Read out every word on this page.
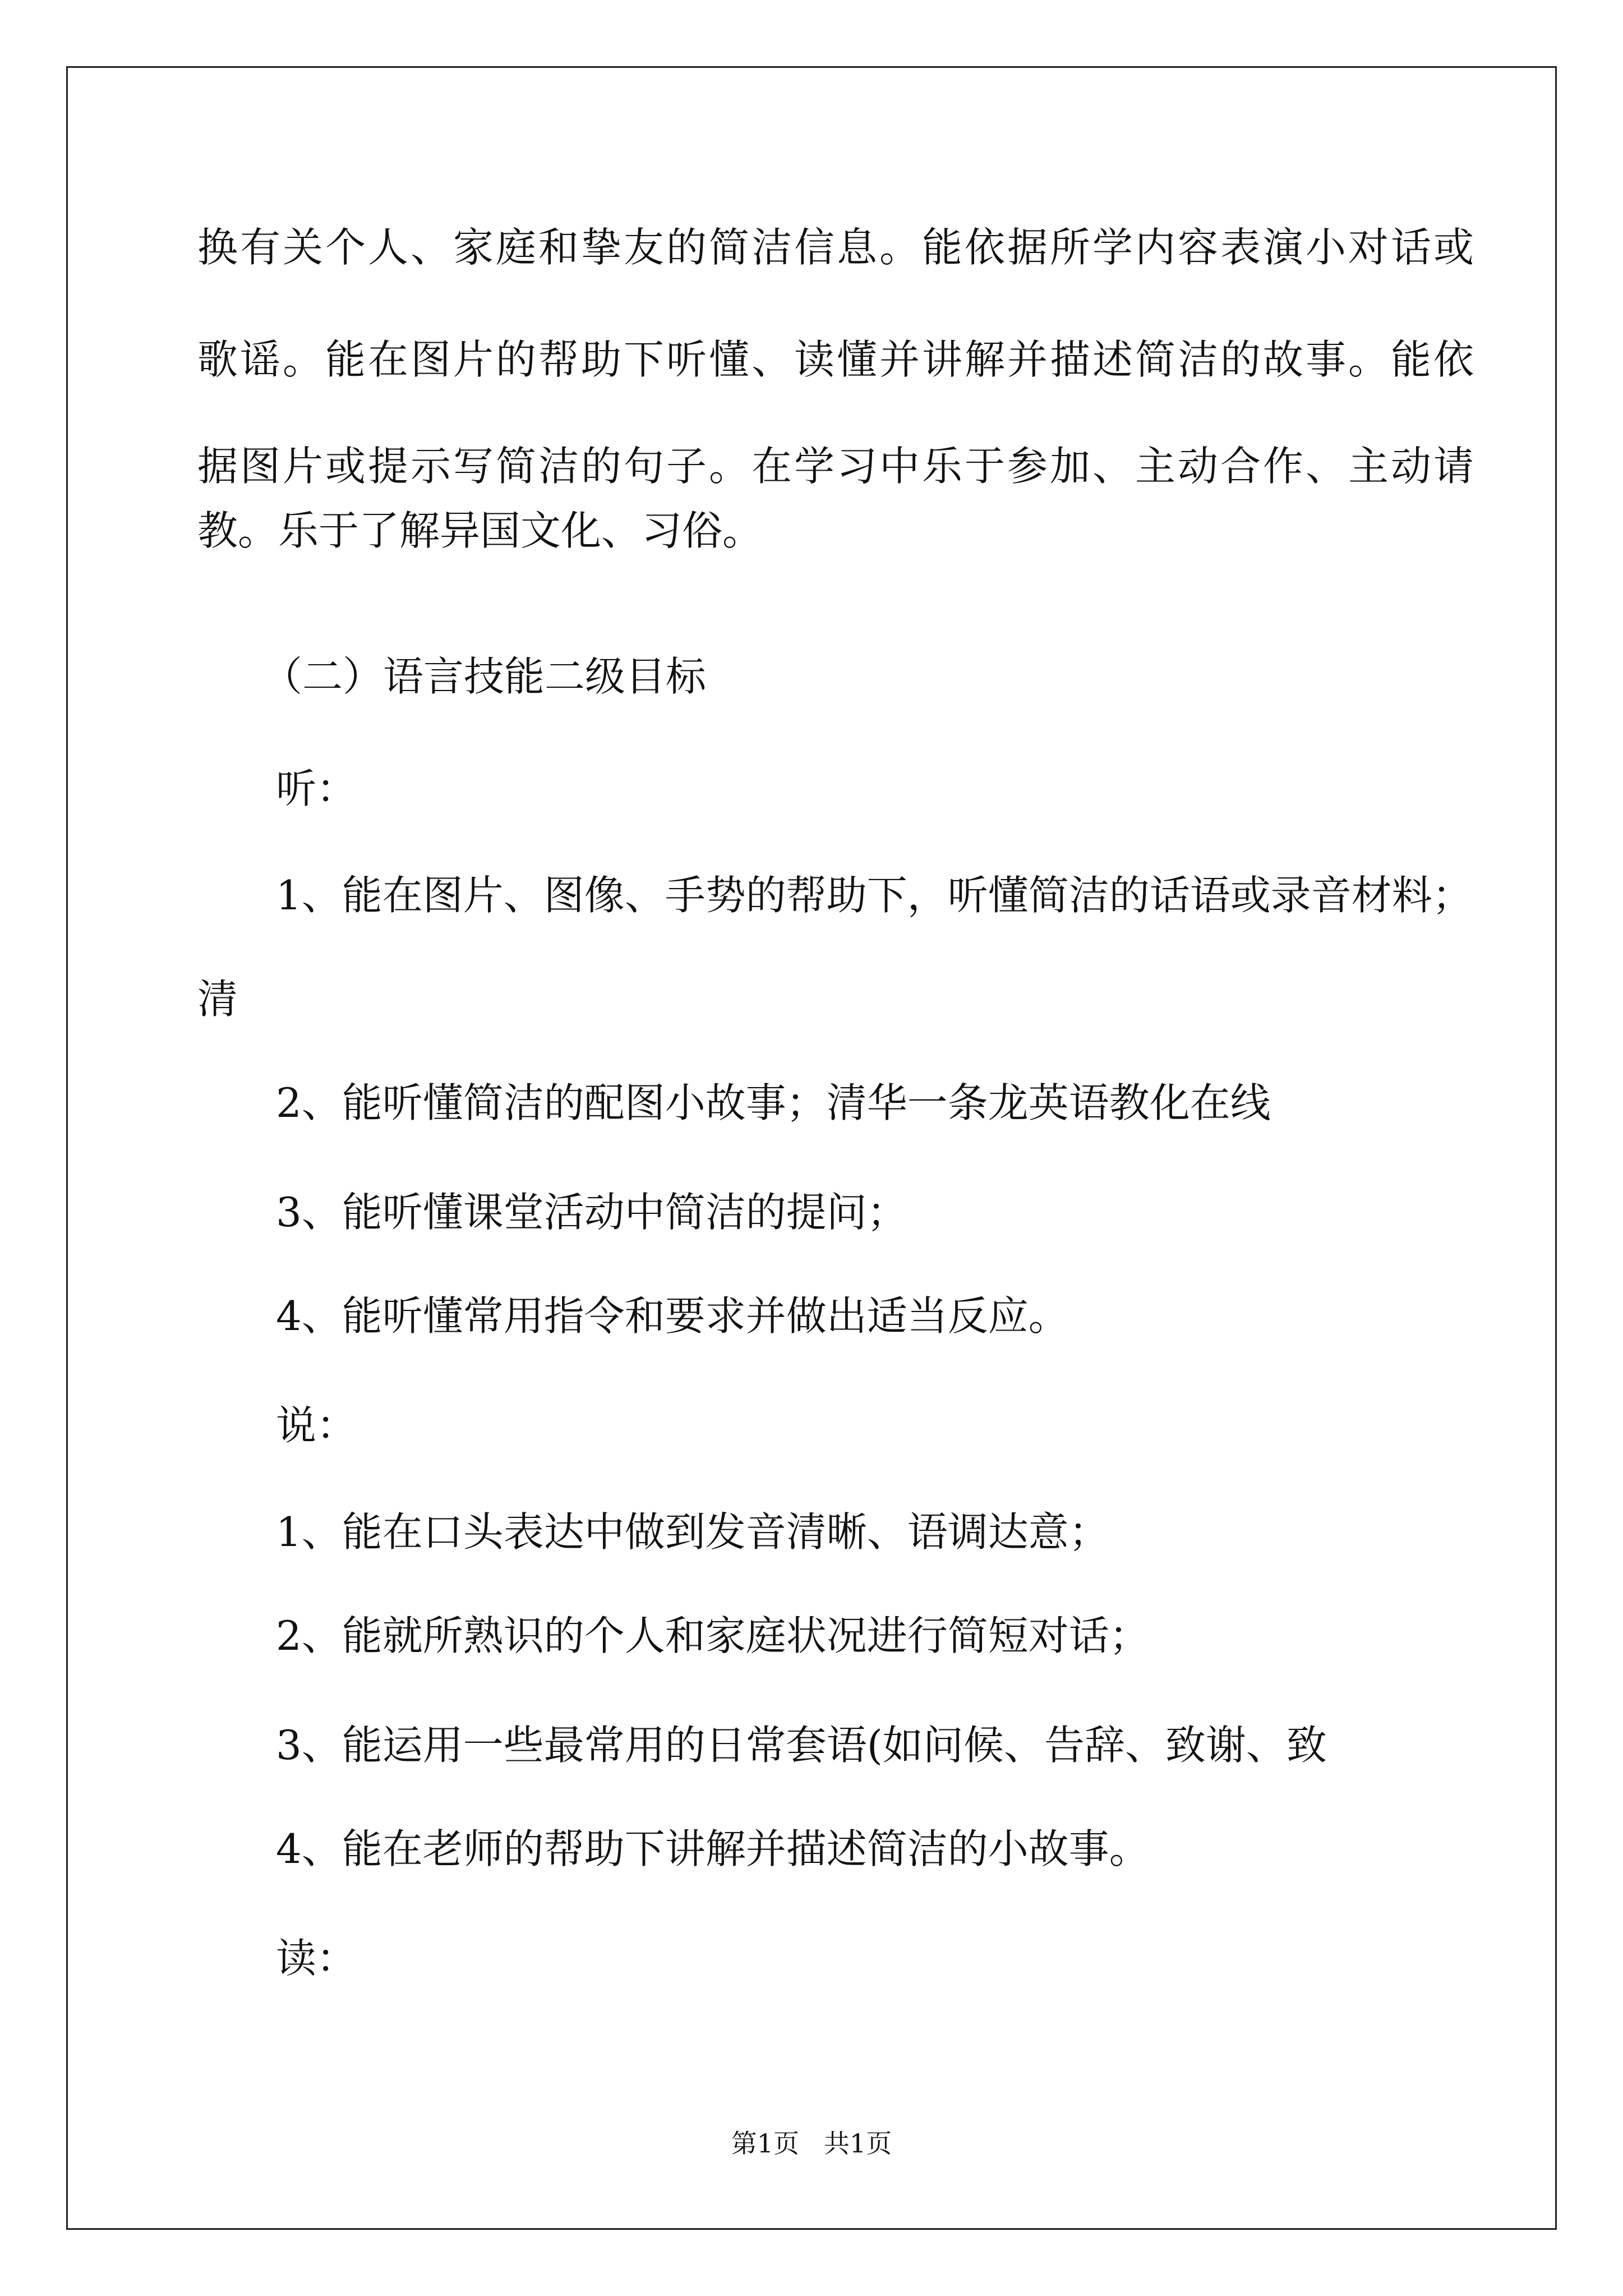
换有关个人、家庭和挚友的简洁信息。能依据所学内容表演小对话或
歌谣。能在图片的帮助下听懂、读懂并讲解并描述简洁的故事。能依
据图片或提示写简洁的句子。在学习中乐于参加、主动合作、主动请
教。乐于了解异国文化、习俗。
（二）语言技能二级目标
听：
1、能在图片、图像、手势的帮助下，听懂简洁的话语或录音材料；
清
2、能听懂简洁的配图小故事；清华一条龙英语教化在线
3、能听懂课堂活动中简洁的提问；
4、能听懂常用指令和要求并做出适当反应。
说：
1、能在口头表达中做到发音清晰、语调达意；
2、能就所熟识的个人和家庭状况进行简短对话；
3、能运用一些最常用的日常套语(如问候、告辞、致谢、致
4、能在老师的帮助下讲解并描述简洁的小故事。
读：
第1页 共1页
